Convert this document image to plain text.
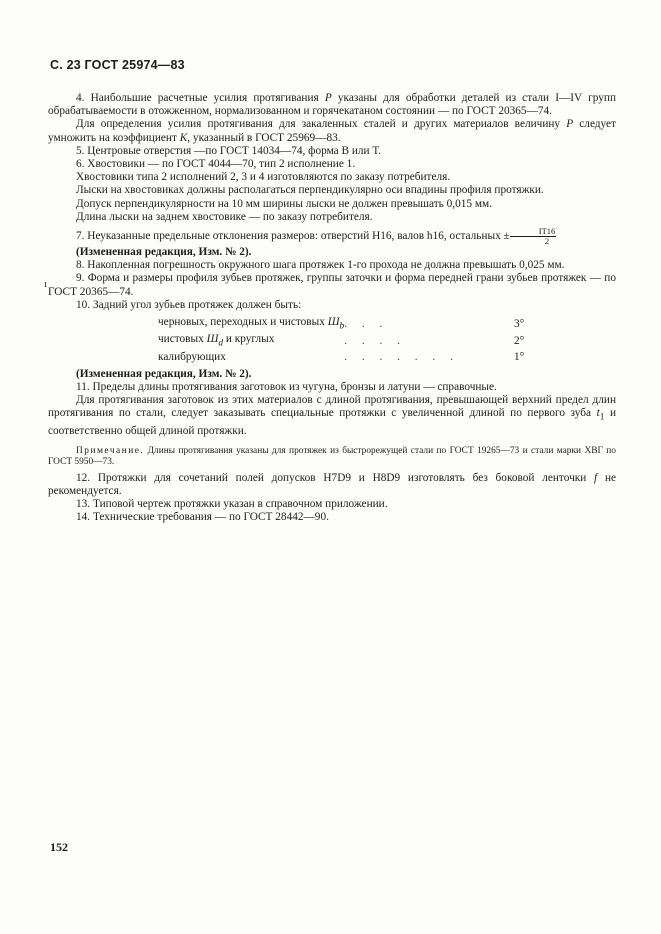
С. 23 ГОСТ 25974—83
ı

4. Наибольшие расчетные усилия протягивания P указаны для обработки деталей из стали I—IV групп обрабатываемости в отожженном, нормализованном и горячекатаном состоянии — по ГОСТ 20365—74.

Для определения усилия протягивания для закаленных сталей и других материалов величину P следует умножить на коэффициент K, указанный в ГОСТ 25969—83.

5. Центровые отверстия —по ГОСТ 14034—74, форма В или Т.

6. Хвостовики — по ГОСТ 4044—70, тип 2 исполнение 1.

Хвостовики типа 2 исполнений 2, 3 и 4 изготовляются по заказу потребителя.

Лыски на хвостовиках должны располагаться перпендикулярно оси впадины профиля протяжки.

Допуск перпендикулярности на 10 мм ширины лыски не должен превышать 0,015 мм.

Длина лыски на заднем хвостовике — по заказу потребителя.

7. Неуказанные предельные отклонения размеров: отверстий Н16, валов h16, остальных ± $\frac{IT16}{2}$

(Измененная редакция, Изм. № 2).

8. Накопленная погрешность окружного шага протяжек 1-го прохода не должна превышать 0,025 мм.

9. Форма и размеры профиля зубьев протяжек, группы заточки и форма передней грани зубьев протяжек — по ГОСТ 20365—74.

10. Задний угол зубьев протяжек должен быть:

черновых, переходных и чистовых $Ш_b$	. . .	3°
чистовых $Ш_d$ и круглых	. . . .	2°
калибрующих	. . . . . . .	1°

(Измененная редакция, Изм. № 2).

11. Пределы длины протягивания заготовок из чугуна, бронзы и латуни — справочные.

Для протягивания заготовок из этих материалов с длиной протягивания, превышающей верхний предел длин протягивания по стали, следует заказывать специальные протяжки с увеличенной длиной по первого зуба $t_1$ и соответственно общей длиной протяжки.

Примечание. Длины протягивания указаны для протяжек из быстрорежущей стали по ГОСТ 19265—73 и стали марки ХВГ по ГОСТ 5950—73.

12. Протяжки для сочетаний полей допусков H7D9 и H8D9 изготовлять без боковой ленточки f не рекомендуется.

13. Типовой чертеж протяжки указан в справочном приложении.

14. Технические требования — по ГОСТ 28442—90.

152
